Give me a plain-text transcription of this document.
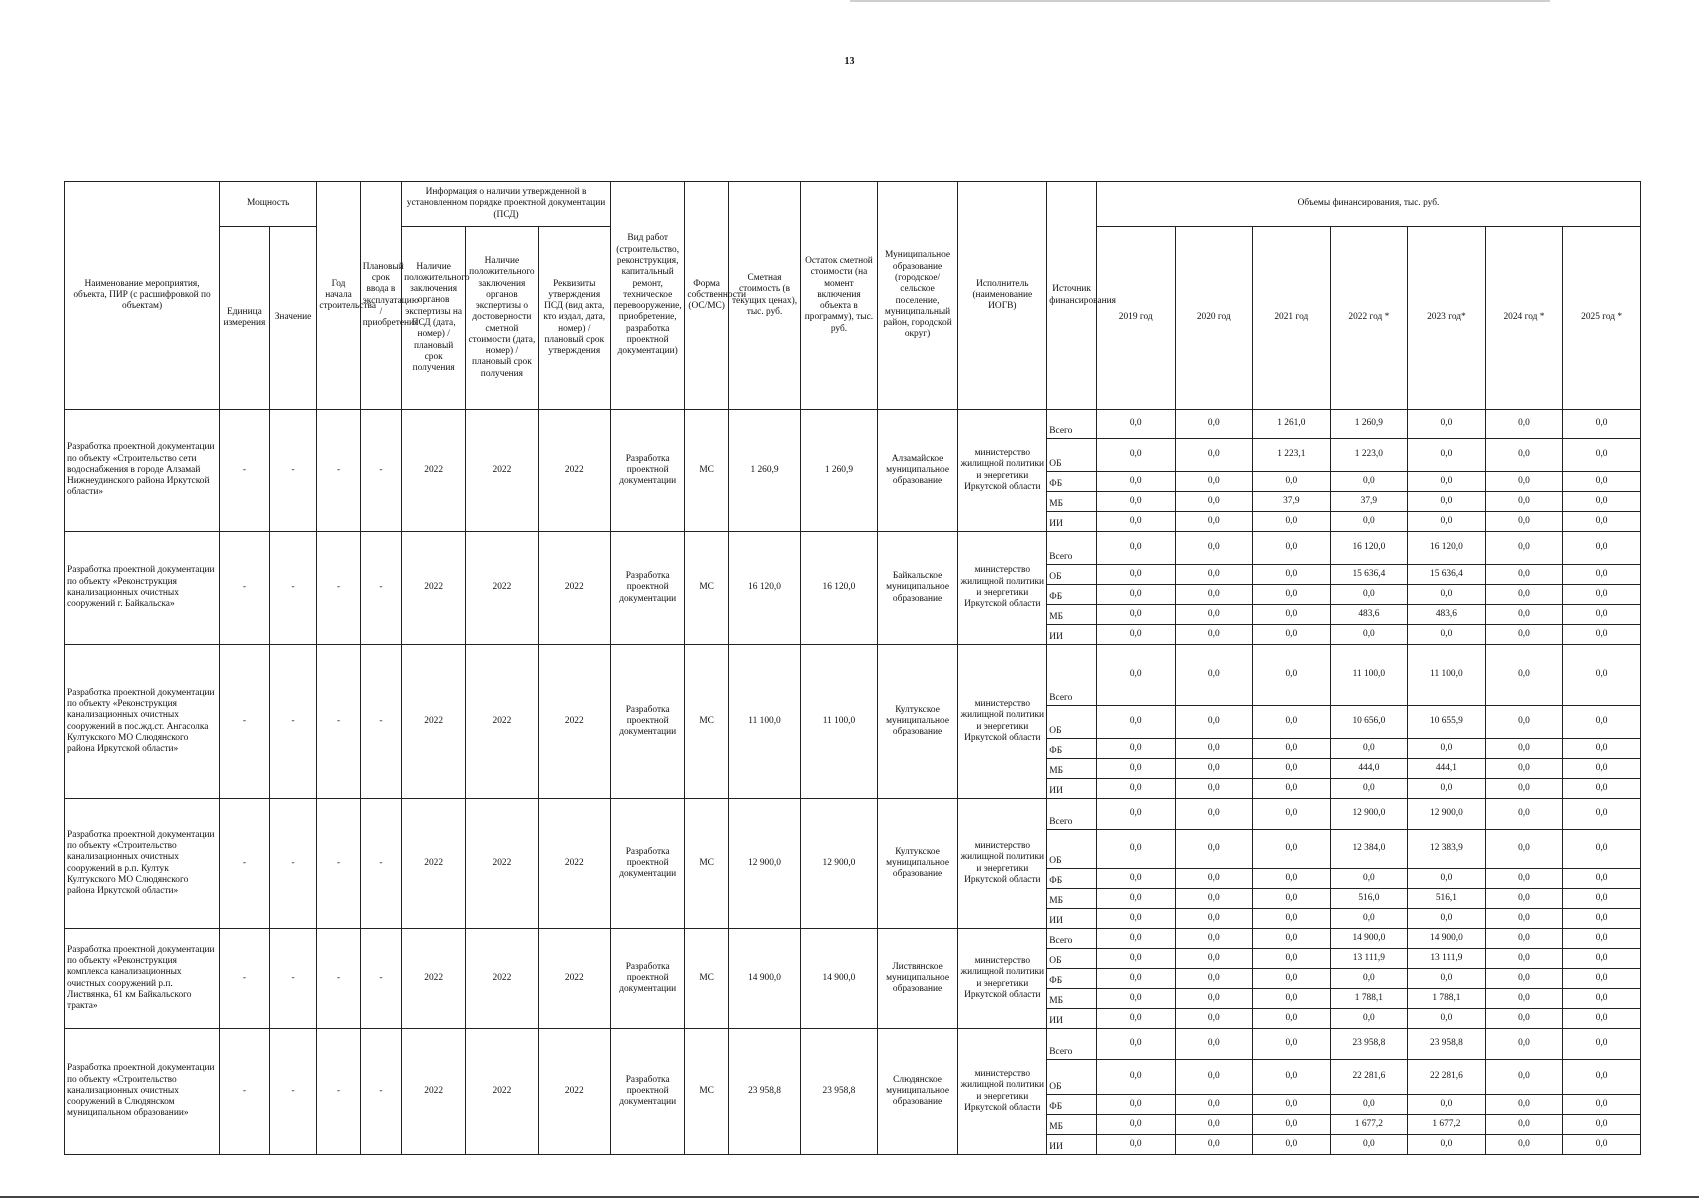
13
Наименование мероприятия, объекта, ПИР (с расшифровкой по объектам)	Мощность		Год начала строительства	Плановый срок ввода в эксплуатацию / приобретения	Информация о наличии утвержденной в установленном порядке проектной документации (ПСД)			Вид работ (строительство, реконструкция, капитальный ремонт, техническое перевооружение, приобретение, разработка проектной документации)	Форма собственности (ОС/МС)	Сметная стоимость (в текущих ценах), тыс. руб.	Остаток сметной стоимости (на момент включения объекта в программу), тыс. руб.	Муниципальное образование (городское/сельское поселение, муниципальный район, городской округ)	Исполнитель (наименование ИОГВ)	Источник финансирования	Объемы финансирования, тыс. руб.						
	Единица измерения	Значение			Наличие положительного заключения органов экспертизы на ПСД (дата, номер) / плановый срок получения	Наличие положительного заключения органов экспертизы о достоверности сметной стоимости (дата, номер) / плановый срок получения	Реквизиты утверждения ПСД (вид акта, кто издал, дата, номер) / плановый срок утверждения								2019 год	2020 год	2021 год	2022 год *	2023 год*	2024 год *	2025 год *
Разработка проектной документации по объекту «Строительство сети водоснабжения в городе Алзамай Нижнеудинского района Иркутской области»	-	-	-	-	2022	2022	2022	Разработка проектной документации	МС	1 260,9	1 260,9	Алзамайское муниципальное образование	министерство жилищной политики и энергетики Иркутской области	Всего	0,0	0,0	1 261,0	1 260,9	0,0	0,0	0,0
														ОБ	0,0	0,0	1 223,1	1 223,0	0,0	0,0	0,0
														ФБ	0,0	0,0	0,0	0,0	0,0	0,0	0,0
														МБ	0,0	0,0	37,9	37,9	0,0	0,0	0,0
														ИИ	0,0	0,0	0,0	0,0	0,0	0,0	0,0
Разработка проектной документации по объекту «Реконструкция канализационных очистных сооружений г. Байкальска»	-	-	-	-	2022	2022	2022	Разработка проектной документации	МС	16 120,0	16 120,0	Байкальское муниципальное образование	министерство жилищной политики и энергетики Иркутской области	Всего	0,0	0,0	0,0	16 120,0	16 120,0	0,0	0,0
														ОБ	0,0	0,0	0,0	15 636,4	15 636,4	0,0	0,0
														ФБ	0,0	0,0	0,0	0,0	0,0	0,0	0,0
														МБ	0,0	0,0	0,0	483,6	483,6	0,0	0,0
														ИИ	0,0	0,0	0,0	0,0	0,0	0,0	0,0
Разработка проектной документации по объекту «Реконструкция канализационных очистных сооружений в пос.жд.ст. Ангасолка Култукского МО Слюдянского района Иркутской области»	-	-	-	-	2022	2022	2022	Разработка проектной документации	МС	11 100,0	11 100,0	Култукское муниципальное образование	министерство жилищной политики и энергетики Иркутской области	Всего	0,0	0,0	0,0	11 100,0	11 100,0	0,0	0,0
														ОБ	0,0	0,0	0,0	10 656,0	10 655,9	0,0	0,0
														ФБ	0,0	0,0	0,0	0,0	0,0	0,0	0,0
														МБ	0,0	0,0	0,0	444,0	444,1	0,0	0,0
														ИИ	0,0	0,0	0,0	0,0	0,0	0,0	0,0
Разработка проектной документации по объекту «Строительство канализационных очистных сооружений в р.п. Култук Култукского МО Слюдянского района Иркутской области»	-	-	-	-	2022	2022	2022	Разработка проектной документации	МС	12 900,0	12 900,0	Култукское муниципальное образование	министерство жилищной политики и энергетики Иркутской области	Всего	0,0	0,0	0,0	12 900,0	12 900,0	0,0	0,0
														ОБ	0,0	0,0	0,0	12 384,0	12 383,9	0,0	0,0
														ФБ	0,0	0,0	0,0	0,0	0,0	0,0	0,0
														МБ	0,0	0,0	0,0	516,0	516,1	0,0	0,0
														ИИ	0,0	0,0	0,0	0,0	0,0	0,0	0,0
Разработка проектной документации по объекту «Реконструкция комплекса канализационных очистных сооружений р.п. Листвянка, 61 км Байкальского тракта»	-	-	-	-	2022	2022	2022	Разработка проектной документации	МС	14 900,0	14 900,0	Листвянское муниципальное образование	министерство жилищной политики и энергетики Иркутской области	Всего	0,0	0,0	0,0	14 900,0	14 900,0	0,0	0,0
														ОБ	0,0	0,0	0,0	13 111,9	13 111,9	0,0	0,0
														ФБ	0,0	0,0	0,0	0,0	0,0	0,0	0,0
														МБ	0,0	0,0	0,0	1 788,1	1 788,1	0,0	0,0
														ИИ	0,0	0,0	0,0	0,0	0,0	0,0	0,0
Разработка проектной документации по объекту «Строительство канализационных очистных сооружений в Слюдянском муниципальном образовании»	-	-	-	-	2022	2022	2022	Разработка проектной документации	МС	23 958,8	23 958,8	Слюдянское муниципальное образование	министерство жилищной политики и энергетики Иркутской области	Всего	0,0	0,0	0,0	23 958,8	23 958,8	0,0	0,0
														ОБ	0,0	0,0	0,0	22 281,6	22 281,6	0,0	0,0
														ФБ	0,0	0,0	0,0	0,0	0,0	0,0	0,0
														МБ	0,0	0,0	0,0	1 677,2	1 677,2	0,0	0,0
														ИИ	0,0	0,0	0,0	0,0	0,0	0,0	0,0
